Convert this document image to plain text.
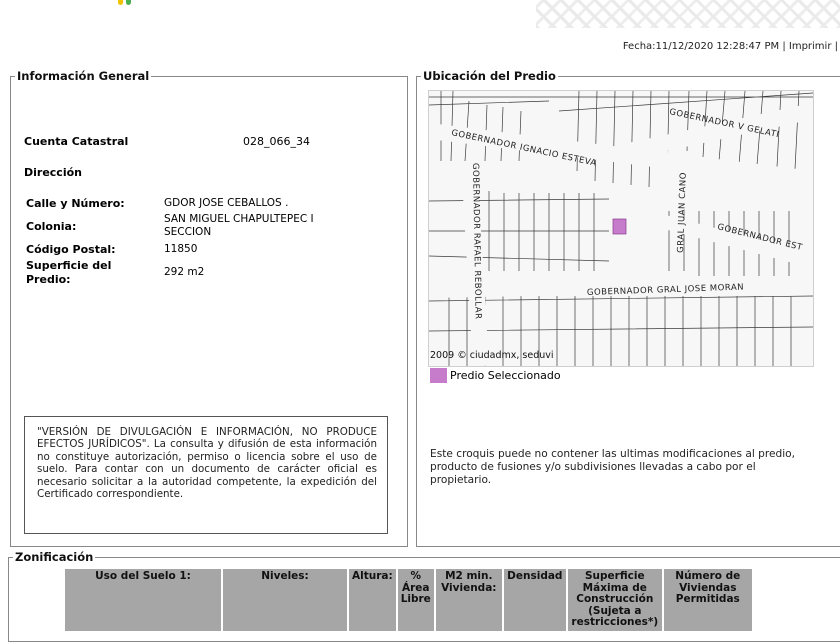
Fecha:11/12/2020 12:28:47 PM | Imprimir |
Información General
Cuenta Catastral	028_066_34
Dirección
Calle y Número:	GDOR JOSE CEBALLOS .
Colonia:
SAN MIGUEL CHAPULTEPEC I
SECCION
Código Postal:	11850
Superficie del
Predio:
292 m2
"VERSIÓN DE DIVULGACIÓN E INFORMACIÓN, NO PRODUCE EFECTOS JURÍDICOS". La consulta y difusión de esta información no constituye autorización, permiso o licencia sobre el uso de suelo. Para contar con un documento de carácter oficial es necesario solicitar a la autoridad competente, la expedición del Certificado correspondiente.
Ubicación del Predio
GOBERNADOR IGNACIO ESTEVA
GOBERNADOR V GELATI
GOBERNADOR RAFAEL REBOLLAR	GRAL JUAN CANO	GOBERNADOR EST
GOBERNADOR GRAL JOSE MORAN
2009 © ciudadmx, seduvi
Predio Seleccionado
Este croquis puede no contener las ultimas modificaciones al predio, producto de fusiones y/o subdivisiones llevadas a cabo por el propietario.
Zonificación
Uso del Suelo 1:	Niveles:	Altura:	% Área Libre	M2 min. Vivienda:	Densidad	Superficie Máxima de Construcción (Sujeta a restricciones*)	Número de Viviendas Permitidas
